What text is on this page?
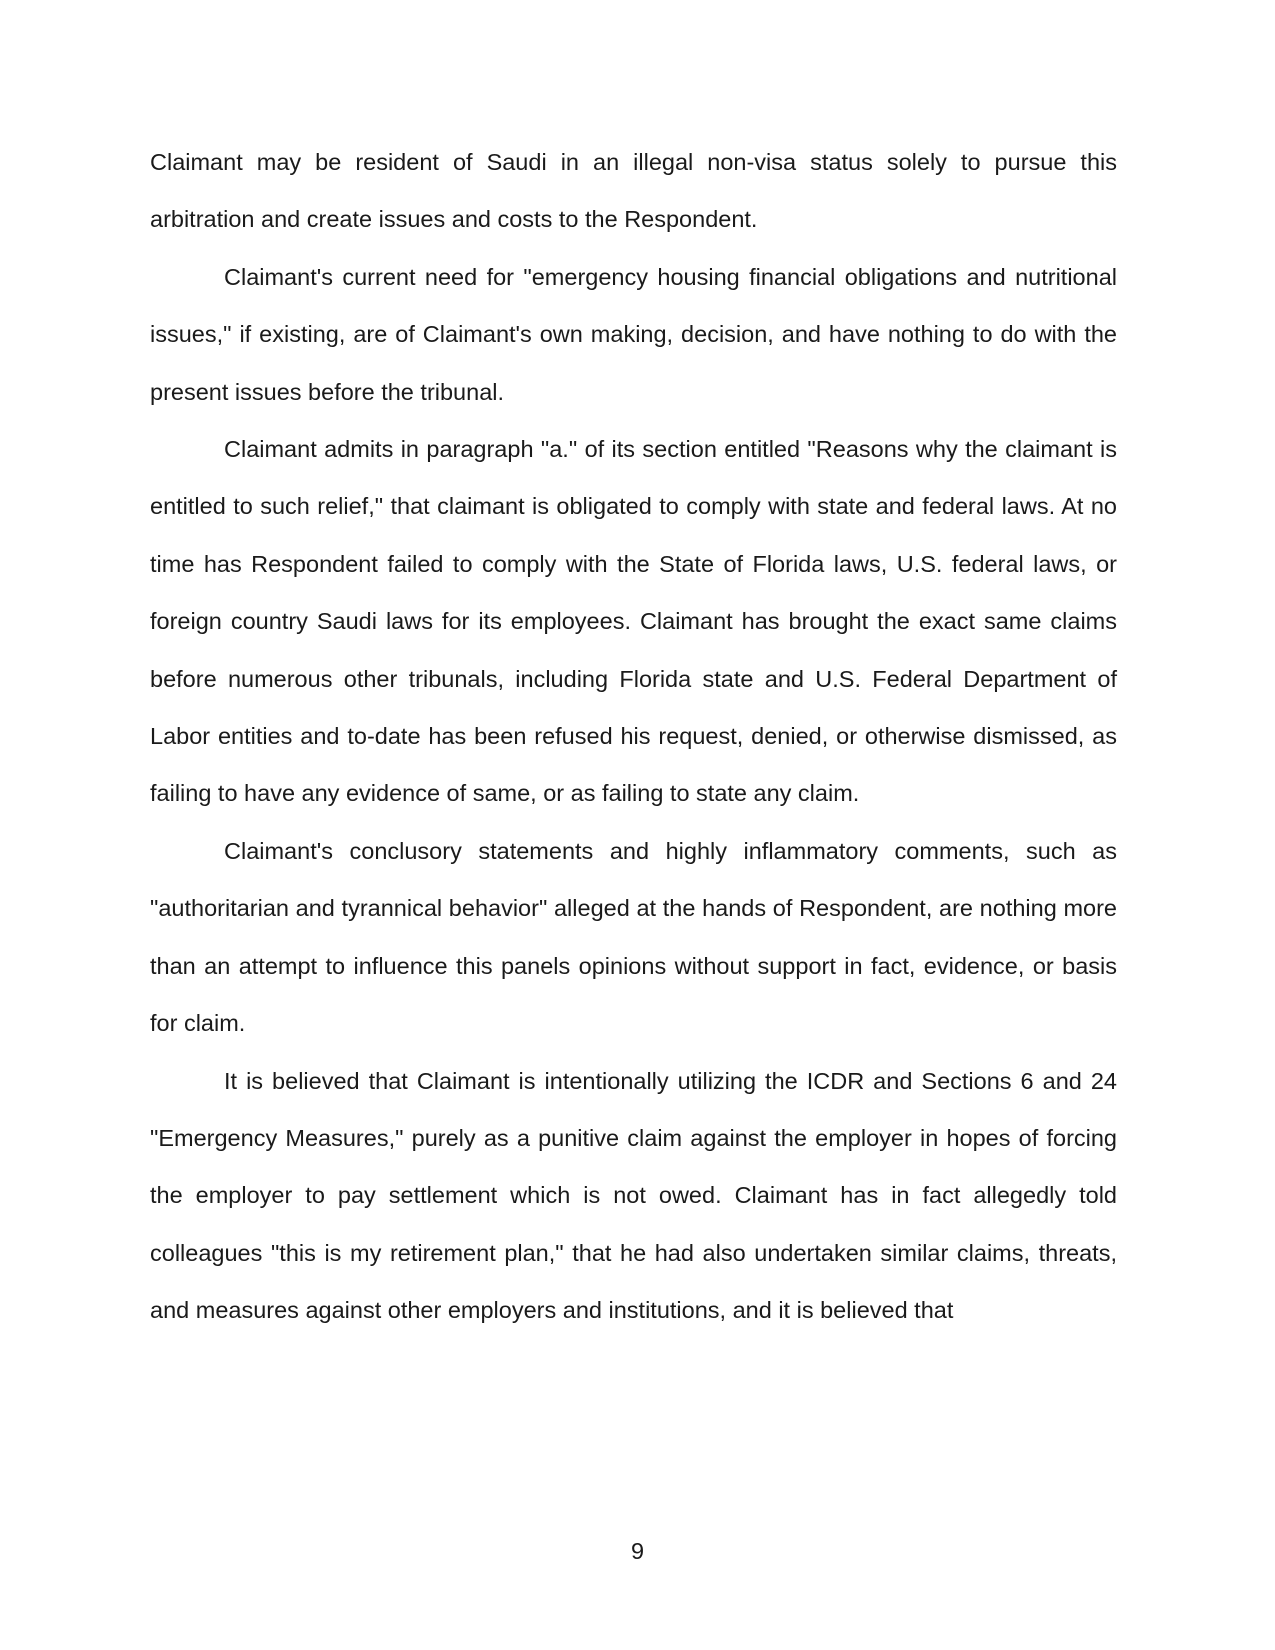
Claimant may be resident of Saudi in an illegal non-visa status solely to pursue this arbitration and create issues and costs to the Respondent.

Claimant's current need for "emergency housing financial obligations and nutritional issues," if existing, are of Claimant's own making, decision, and have nothing to do with the present issues before the tribunal.

Claimant admits in paragraph "a." of its section entitled "Reasons why the claimant is entitled to such relief," that claimant is obligated to comply with state and federal laws. At no time has Respondent failed to comply with the State of Florida laws, U.S. federal laws, or foreign country Saudi laws for its employees. Claimant has brought the exact same claims before numerous other tribunals, including Florida state and U.S. Federal Department of Labor entities and to-date has been refused his request, denied, or otherwise dismissed, as failing to have any evidence of same, or as failing to state any claim.

Claimant's conclusory statements and highly inflammatory comments, such as "authoritarian and tyrannical behavior" alleged at the hands of Respondent, are nothing more than an attempt to influence this panels opinions without support in fact, evidence, or basis for claim.

It is believed that Claimant is intentionally utilizing the ICDR and Sections 6 and 24 "Emergency Measures," purely as a punitive claim against the employer in hopes of forcing the employer to pay settlement which is not owed. Claimant has in fact allegedly told colleagues "this is my retirement plan," that he had also undertaken similar claims, threats, and measures against other employers and institutions, and it is believed that

9
